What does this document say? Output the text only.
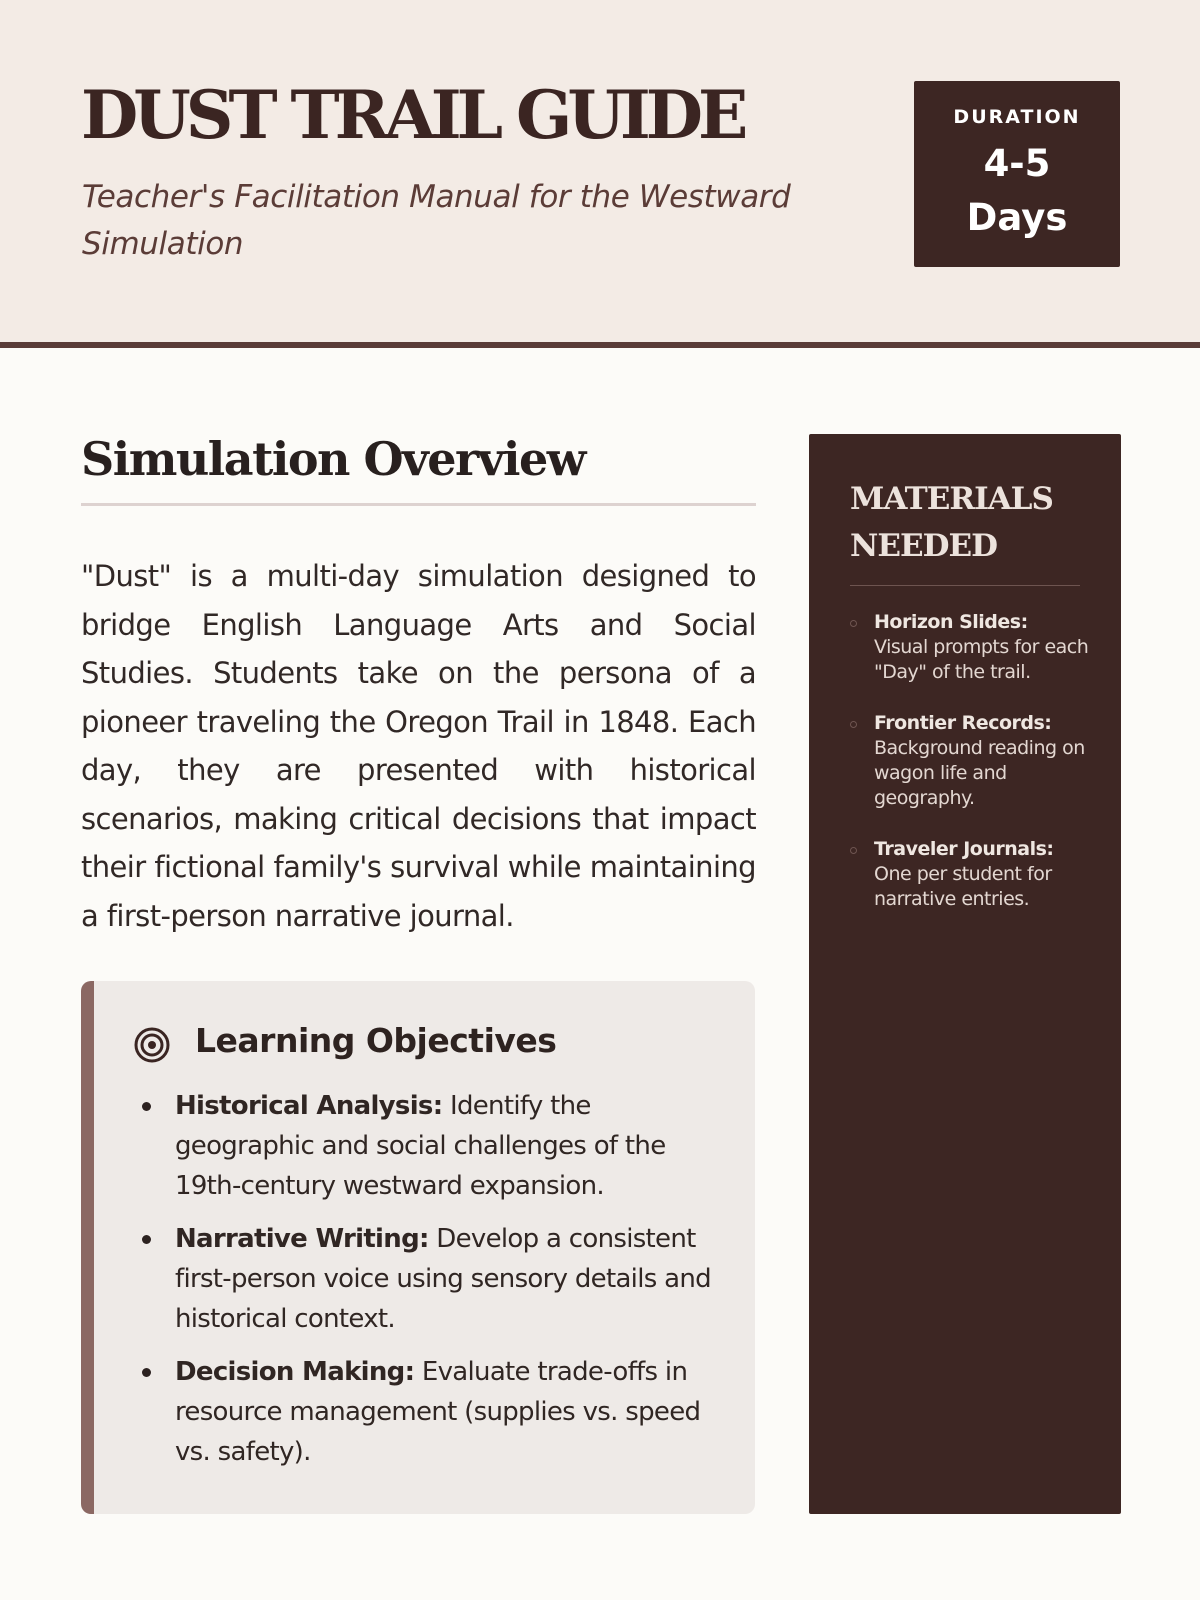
DUST TRAIL GUIDE

Teacher's Facilitation Manual for the Westward Simulation

DURATION
4-5 Days
Simulation Overview

"Dust" is a multi-day simulation designed to bridge English Language Arts and Social Studies. Students take on the persona of a pioneer traveling the Oregon Trail in 1848. Each day, they are presented with historical scenarios, making critical decisions that impact their fictional family's survival while maintaining a first-person narrative journal.

Learning Objectives
Historical Analysis: Identify the geographic and social challenges of the 19th-century westward expansion.
Narrative Writing: Develop a consistent first-person voice using sensory details and historical context.
Decision Making: Evaluate trade-offs in resource management (supplies vs. speed vs. safety).
MATERIALS NEEDED
Horizon Slides:
Visual prompts for each "Day" of the trail.
Frontier Records:
Background reading on wagon life and geography.
Traveler Journals:
One per student for narrative entries.
